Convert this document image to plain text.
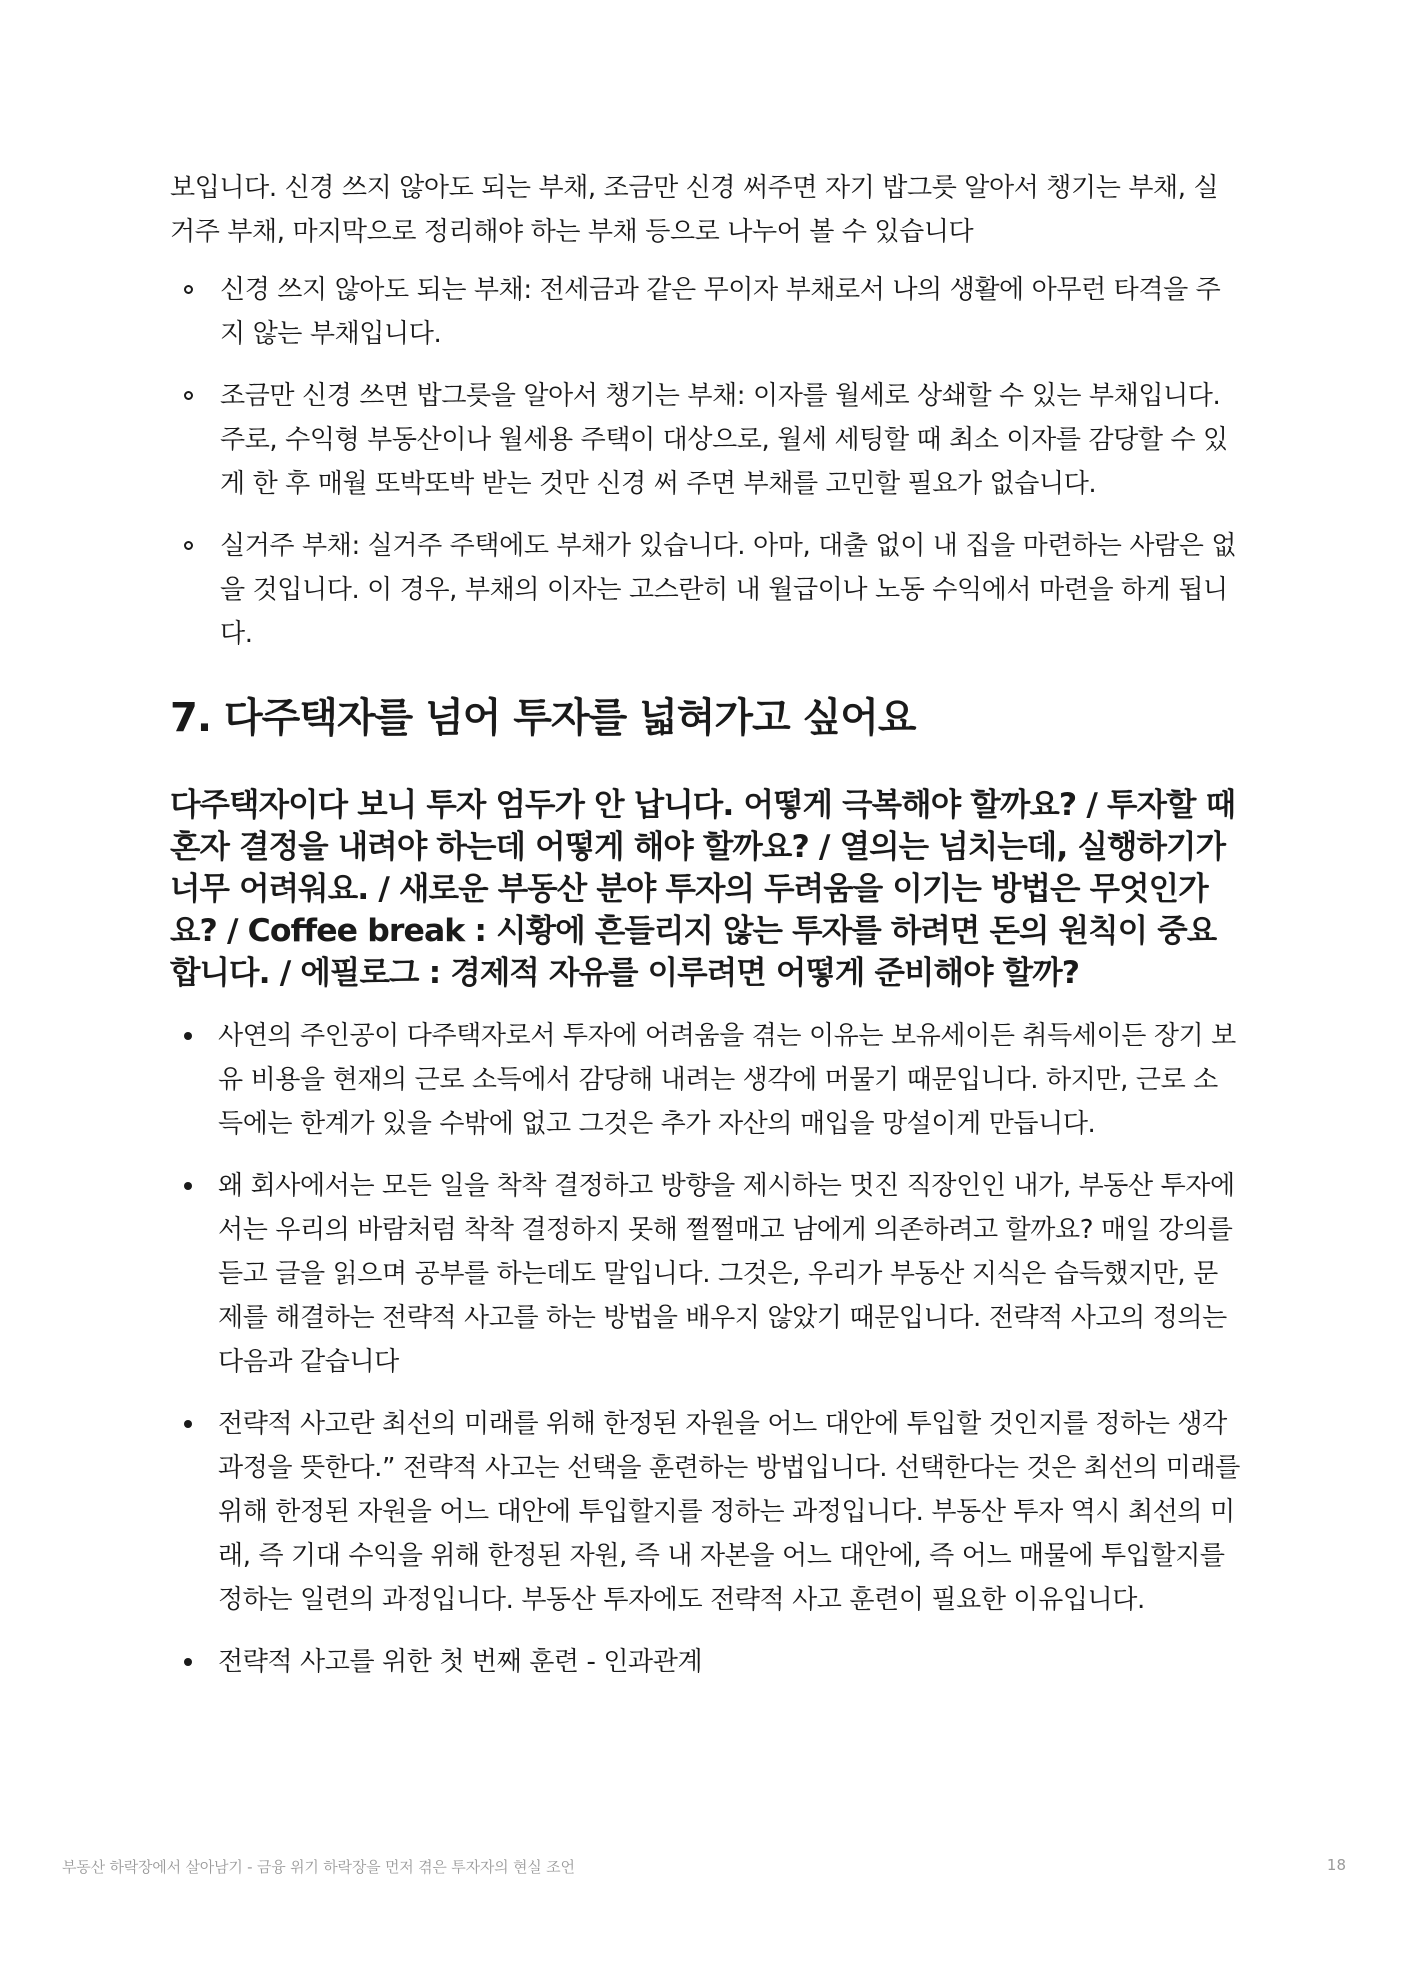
보입니다. 신경 쓰지 않아도 되는 부채, 조금만 신경 써주면 자기 밥그릇 알아서 챙기는 부채, 실거주 부채, 마지막으로 정리해야 하는 부채 등으로 나누어 볼 수 있습니다

신경 쓰지 않아도 되는 부채: 전세금과 같은 무이자 부채로서 나의 생활에 아무런 타격을 주지 않는 부채입니다.
조금만 신경 쓰면 밥그릇을 알아서 챙기는 부채: 이자를 월세로 상쇄할 수 있는 부채입니다. 주로, 수익형 부동산이나 월세용 주택이 대상으로, 월세 세팅할 때 최소 이자를 감당할 수 있게 한 후 매월 또박또박 받는 것만 신경 써 주면 부채를 고민할 필요가 없습니다.
실거주 부채: 실거주 주택에도 부채가 있습니다. 아마, 대출 없이 내 집을 마련하는 사람은 없을 것입니다. 이 경우, 부채의 이자는 고스란히 내 월급이나 노동 수익에서 마련을 하게 됩니다.
7. 다주택자를 넘어 투자를 넓혀가고 싶어요
다주택자이다 보니 투자 엄두가 안 납니다. 어떻게 극복해야 할까요? / 투자할 때 혼자 결정을 내려야 하는데 어떻게 해야 할까요? / 열의는 넘치는데, 실행하기가 너무 어려워요. / 새로운 부동산 분야 투자의 두려움을 이기는 방법은 무엇인가요? / Coffee break : 시황에 흔들리지 않는 투자를 하려면 돈의 원칙이 중요합니다. / 에필로그 : 경제적 자유를 이루려면 어떻게 준비해야 할까?
사연의 주인공이 다주택자로서 투자에 어려움을 겪는 이유는 보유세이든 취득세이든 장기 보유 비용을 현재의 근로 소득에서 감당해 내려는 생각에 머물기 때문입니다. 하지만, 근로 소득에는 한계가 있을 수밖에 없고 그것은 추가 자산의 매입을 망설이게 만듭니다.
왜 회사에서는 모든 일을 착착 결정하고 방향을 제시하는 멋진 직장인인 내가, 부동산 투자에서는 우리의 바람처럼 착착 결정하지 못해 쩔쩔매고 남에게 의존하려고 할까요? 매일 강의를 듣고 글을 읽으며 공부를 하는데도 말입니다. 그것은, 우리가 부동산 지식은 습득했지만, 문제를 해결하는 전략적 사고를 하는 방법을 배우지 않았기 때문입니다. 전략적 사고의 정의는 다음과 같습니다
전략적 사고란 최선의 미래를 위해 한정된 자원을 어느 대안에 투입할 것인지를 정하는 생각 과정을 뜻한다.” 전략적 사고는 선택을 훈련하는 방법입니다. 선택한다는 것은 최선의 미래를 위해 한정된 자원을 어느 대안에 투입할지를 정하는 과정입니다. 부동산 투자 역시 최선의 미래, 즉 기대 수익을 위해 한정된 자원, 즉 내 자본을 어느 대안에, 즉 어느 매물에 투입할지를 정하는 일련의 과정입니다. 부동산 투자에도 전략적 사고 훈련이 필요한 이유입니다.
전략적 사고를 위한 첫 번째 훈련 - 인과관계
부동산 하락장에서 살아남기 - 금융 위기 하락장을 먼저 겪은 투자자의 현실 조언	18
